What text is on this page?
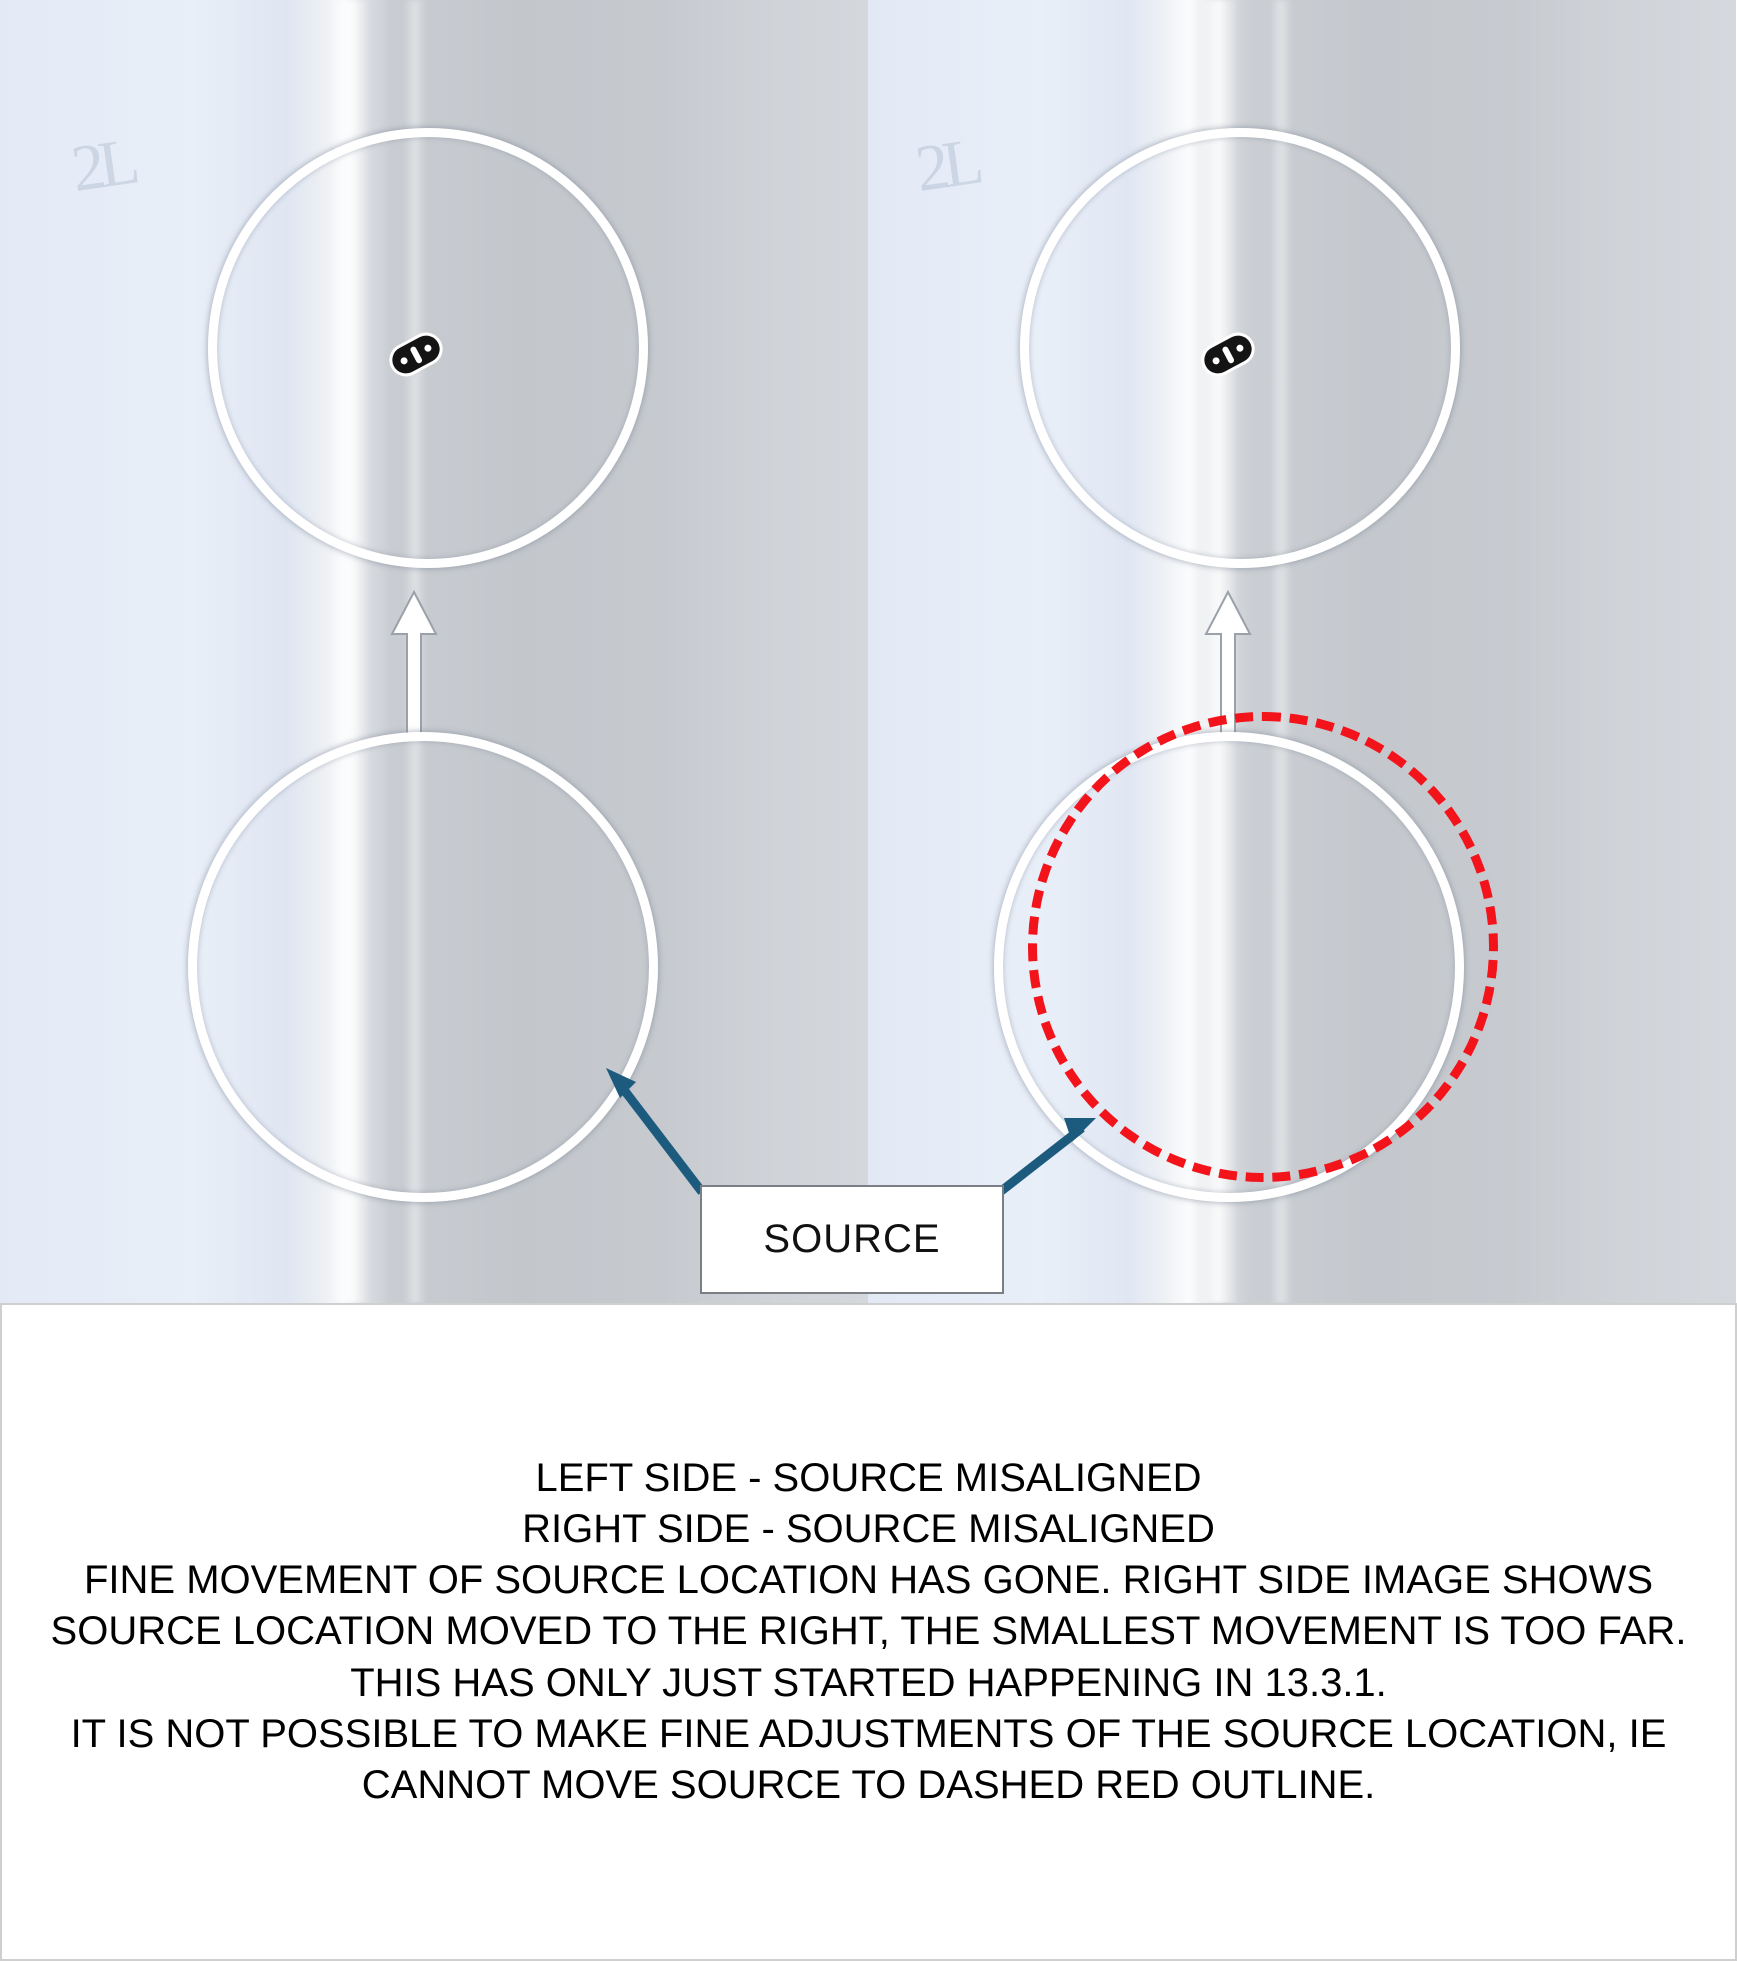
2L	2L
SOURCE

LEFT SIDE - SOURCE MISALIGNED

RIGHT SIDE - SOURCE MISALIGNED

FINE MOVEMENT OF SOURCE LOCATION HAS GONE. RIGHT SIDE IMAGE SHOWS SOURCE LOCATION MOVED TO THE RIGHT, THE SMALLEST MOVEMENT IS TOO FAR. THIS HAS ONLY JUST STARTED HAPPENING IN 13.3.1.

IT IS NOT POSSIBLE TO MAKE FINE ADJUSTMENTS OF THE SOURCE LOCATION, IE CANNOT MOVE SOURCE TO DASHED RED OUTLINE.
